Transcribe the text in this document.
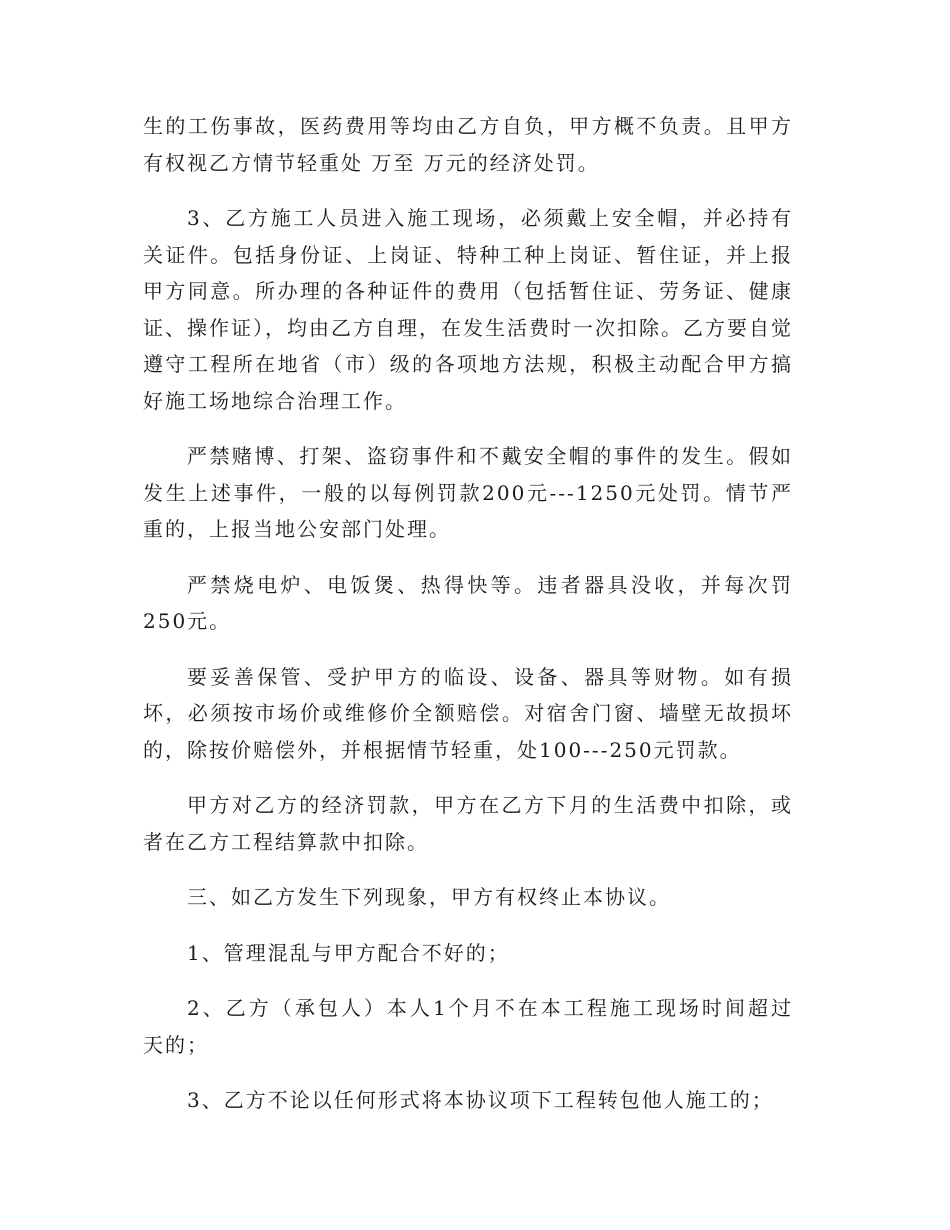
生的工伤事故，医药费用等均由乙方自负，甲方概不负责。且甲方有权视乙方情节轻重处 万至 万元的经济处罚。

3、乙方施工人员进入施工现场，必须戴上安全帽，并必持有关证件。包括身份证、上岗证、特种工种上岗证、暂住证，并上报甲方同意。所办理的各种证件的费用（包括暂住证、劳务证、健康证、操作证），均由乙方自理，在发生活费时一次扣除。乙方要自觉遵守工程所在地省（市）级的各项地方法规，积极主动配合甲方搞好施工场地综合治理工作。

严禁赌博、打架、盗窃事件和不戴安全帽的事件的发生。假如发生上述事件，一般的以每例罚款200元---1250元处罚。情节严重的，上报当地公安部门处理。

严禁烧电炉、电饭煲、热得快等。违者器具没收，并每次罚250元。

要妥善保管、受护甲方的临设、设备、器具等财物。如有损坏，必须按市场价或维修价全额赔偿。对宿舍门窗、墙壁无故损坏的，除按价赔偿外，并根据情节轻重，处100---250元罚款。

甲方对乙方的经济罚款，甲方在乙方下月的生活费中扣除，或者在乙方工程结算款中扣除。

三、如乙方发生下列现象，甲方有权终止本协议。

1、管理混乱与甲方配合不好的；

2、乙方（承包人）本人1个月不在本工程施工现场时间超过 天的；

3、乙方不论以任何形式将本协议项下工程转包他人施工的；
